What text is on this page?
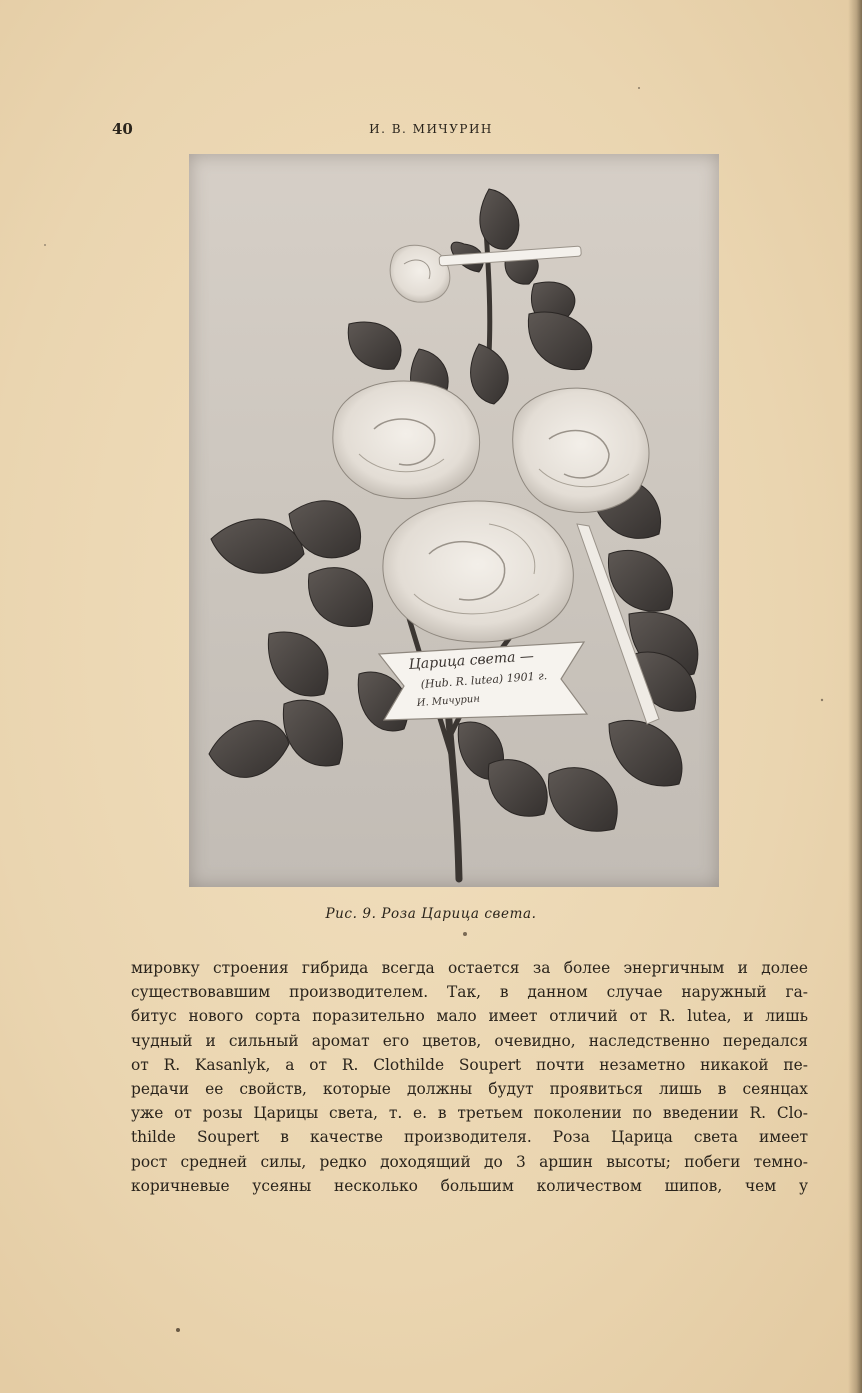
40	И. В. МИЧУРИН
Царица света —
(Hub. R. lutea) 1901 г.
И. Мичурин
Рис. 9. Роза Царица света.
мировку строения гибрида всегда остается за более энергичным и долее
существовавшим производителем. Так, в данном случае наружный га-
битус нового сорта поразительно мало имеет отличий от R. lutea, и лишь
чудный и сильный аромат его цветов, очевидно, наследственно передался
от R. Kasanlyk, а от R. Clothilde Soupert почти незаметно никакой пе-
редачи ее свойств, которые должны будут проявиться лишь в сеянцах
уже от розы Царицы света, т. е. в третьем поколении по введении R. Clo-
thilde Soupert в качестве производителя. Роза Царица света имеет
рост средней силы, редко доходящий до 3 аршин высоты; побеги темно-
коричневые усеяны несколько большим количеством шипов, чем у
